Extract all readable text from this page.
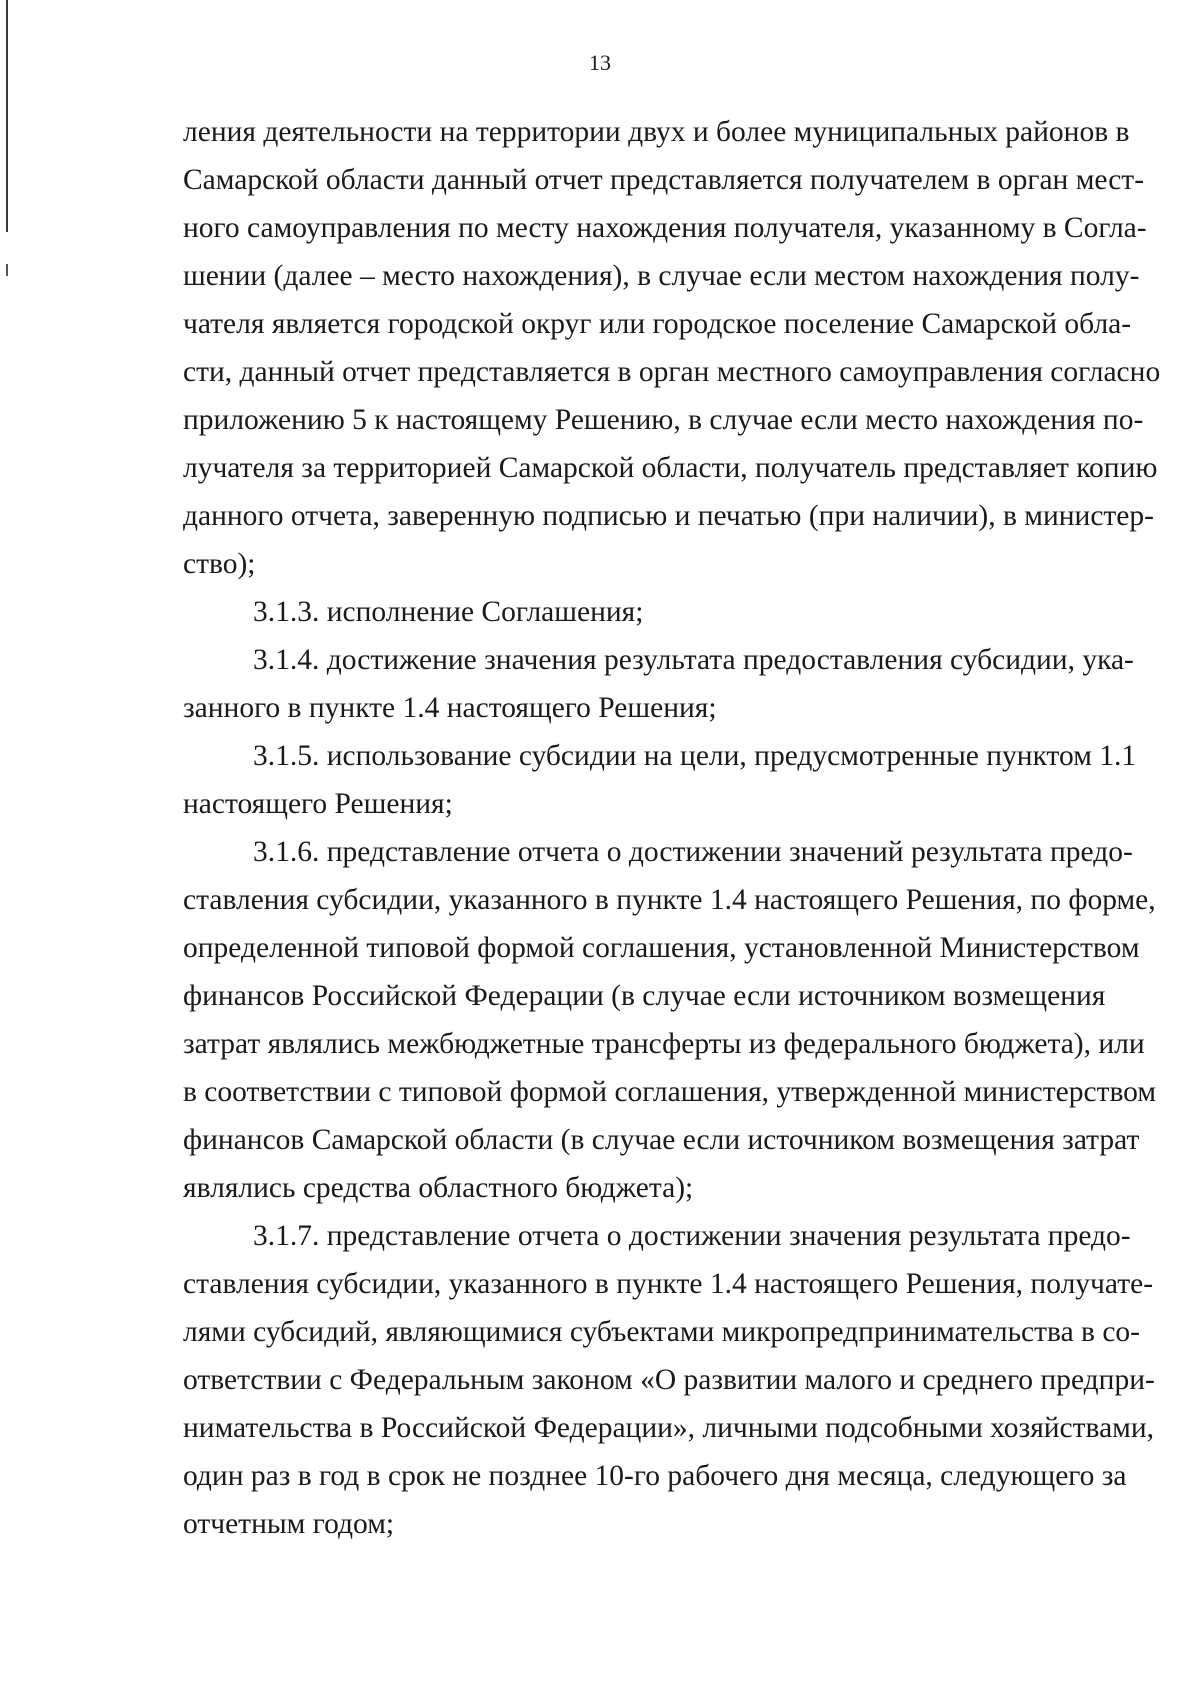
13
ления деятельности на территории двух и более муниципальных районов в
Самарской области данный отчет представляется получателем в орган мест-
ного самоуправления по месту нахождения получателя, указанному в Согла-
шении (далее – место нахождения), в случае если местом нахождения полу-
чателя является городской округ или городское поселение Самарской обла-
сти, данный отчет представляется в орган местного самоуправления согласно
приложению 5 к настоящему Решению, в случае если место нахождения по-
лучателя за территорией Самарской области, получатель представляет копию
данного отчета, заверенную подписью и печатью (при наличии), в министер-
ство);
3.1.3. исполнение Соглашения;
3.1.4. достижение значения результата предоставления субсидии, ука-
занного в пункте 1.4 настоящего Решения;
3.1.5. использование субсидии на цели, предусмотренные пунктом 1.1
настоящего Решения;
3.1.6. представление отчета о достижении значений результата предо-
ставления субсидии, указанного в пункте 1.4 настоящего Решения, по форме,
определенной типовой формой соглашения, установленной Министерством
финансов Российской Федерации (в случае если источником возмещения
затрат являлись межбюджетные трансферты из федерального бюджета), или
в соответствии с типовой формой соглашения, утвержденной министерством
финансов Самарской области (в случае если источником возмещения затрат
являлись средства областного бюджета);
3.1.7. представление отчета о достижении значения результата предо-
ставления субсидии, указанного в пункте 1.4 настоящего Решения, получате-
лями субсидий, являющимися субъектами микропредпринимательства в со-
ответствии с Федеральным законом «О развитии малого и среднего предпри-
нимательства в Российской Федерации», личными подсобными хозяйствами,
один раз в год в срок не позднее 10-го рабочего дня месяца, следующего за
отчетным годом;
